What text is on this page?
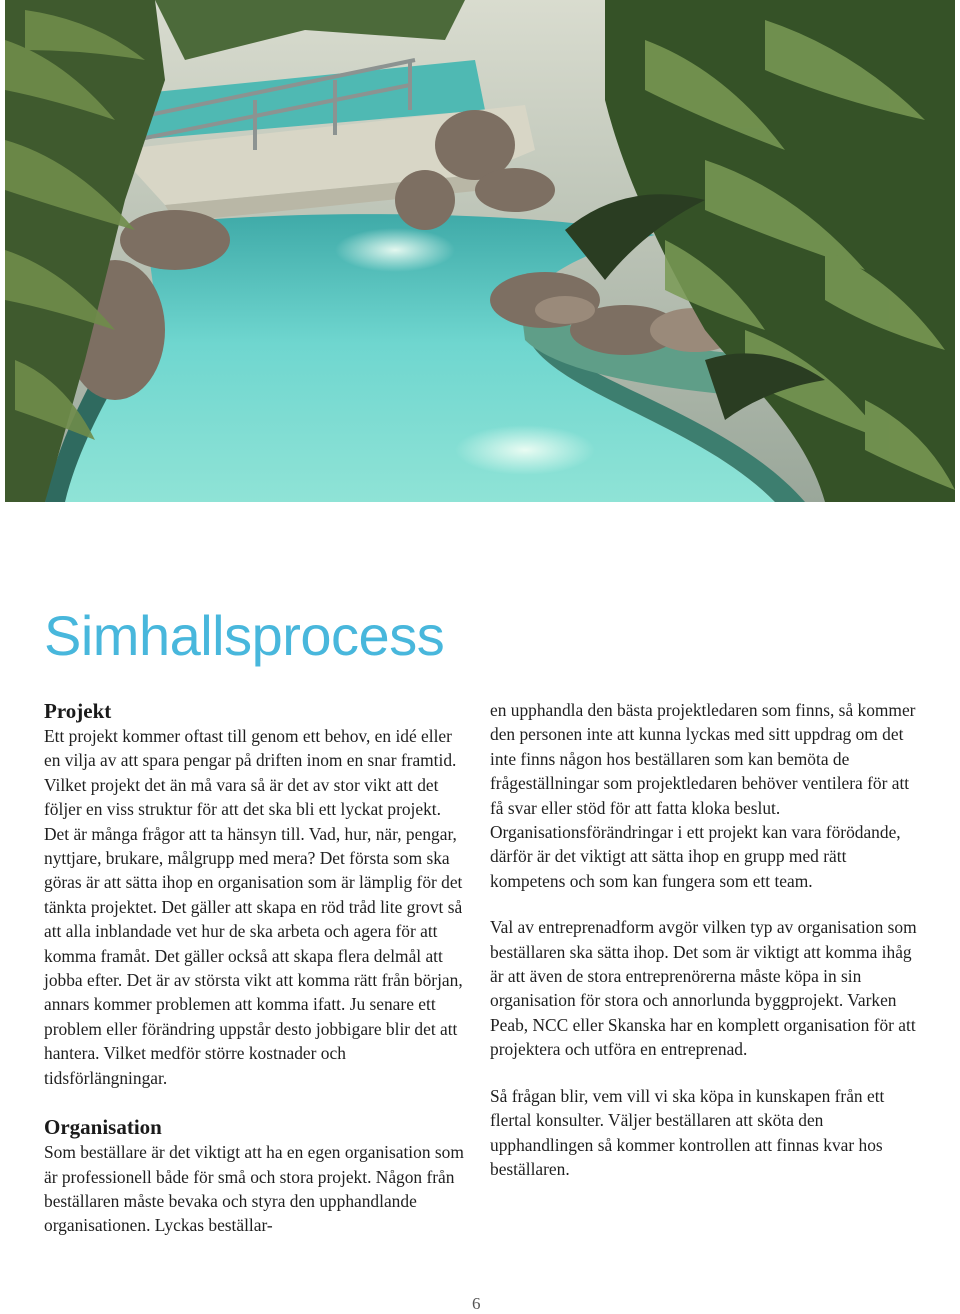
Simhallsprocess
Projekt

Ett projekt kommer oftast till genom ett behov, en idé eller en vilja av att spara pengar på driften inom en snar framtid. Vilket projekt det än må vara så är det av stor vikt att det följer en viss struktur för att det ska bli ett lyckat projekt. Det är många frågor att ta hänsyn till. Vad, hur, när, pengar, nyttjare, brukare, målgrupp med mera? Det första som ska göras är att sätta ihop en organisation som är lämplig för det tänkta projektet. Det gäller att skapa en röd tråd lite grovt så att alla inblandade vet hur de ska arbeta och agera för att komma framåt. Det gäller också att skapa flera delmål att jobba efter. Det är av största vikt att komma rätt från början, annars kommer problemen att komma ifatt. Ju senare ett problem eller förändring uppstår desto jobbigare blir det att hantera. Vilket medför större kostnader och tidsförlängningar.

Organisation

Som beställare är det viktigt att ha en egen organisation som är professionell både för små och stora projekt. Någon från beställaren måste bevaka och styra den upphandlande organisationen. Lyckas beställar-

en upphandla den bästa projektledaren som finns, så kommer den personen inte att kunna lyckas med sitt uppdrag om det inte finns någon hos beställaren som kan bemöta de frågeställningar som projektledaren behöver ventilera för att få svar eller stöd för att fatta kloka beslut. Organisationsförändringar i ett projekt kan vara förödande, därför är det viktigt att sätta ihop en grupp med rätt kompetens och som kan fungera som ett team.

Val av entreprenadform avgör vilken typ av organisation som beställaren ska sätta ihop. Det som är viktigt att komma ihåg är att även de stora entreprenörerna måste köpa in sin organisation för stora och annorlunda byggprojekt. Varken Peab, NCC eller Skanska har en komplett organisation för att projektera och utföra en entreprenad.

Så frågan blir, vem vill vi ska köpa in kunskapen från ett flertal konsulter. Väljer beställaren att sköta den upphandlingen så kommer kontrollen att finnas kvar hos beställaren.

6
